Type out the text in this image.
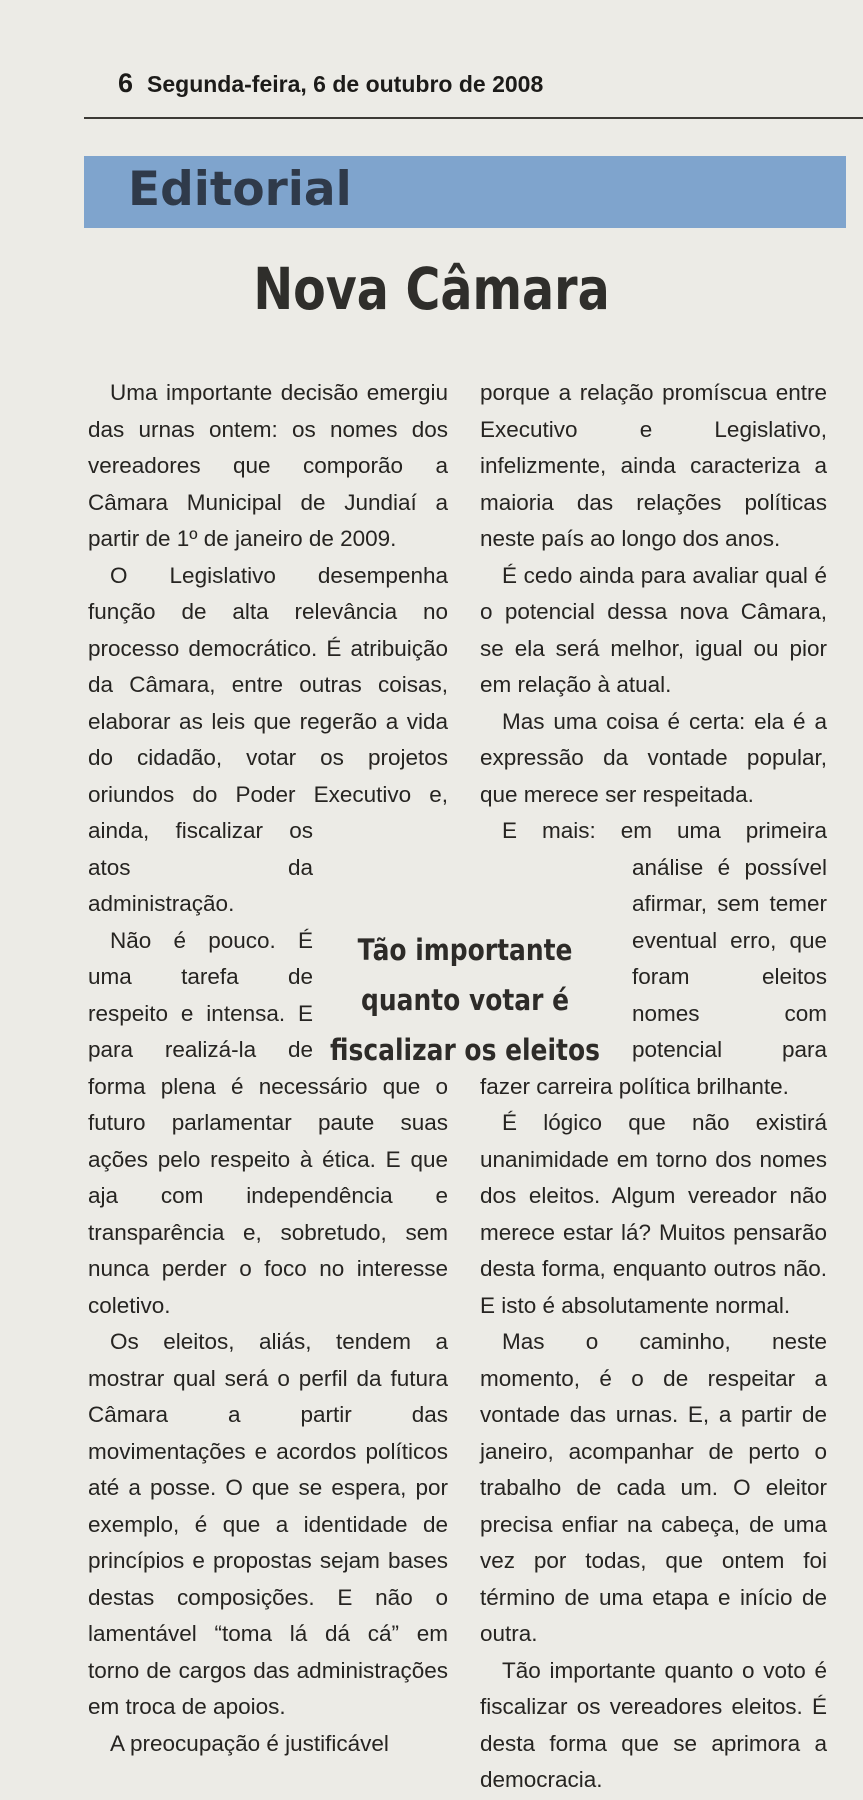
6 Segunda-feira, 6 de outubro de 2008
Editorial
Nova Câmara

Uma importante decisão emergiu das urnas ontem: os nomes dos vereadores que comporão a Câmara Municipal de Jundiaí a partir de 1º de janeiro de 2009.

O Legislativo desempenha função de alta relevância no processo democrático. É atribuição da Câmara, entre outras coisas, elaborar as leis que regerão a vida do cidadão, votar os projetos oriundos do Poder Executivo e, ainda, fiscalizar os atos da administração.

Não é pouco. É uma tarefa de respeito e intensa. E para realizá-la de forma plena é necessário que o futuro parlamentar paute suas ações pelo respeito à ética. E que aja com independência e transparência e, sobretudo, sem nunca perder o foco no interesse coletivo.

Os eleitos, aliás, tendem a mostrar qual será o perfil da futura Câmara a partir das movimentações e acordos políticos até a posse. O que se espera, por exemplo, é que a identidade de princípios e propostas sejam bases destas composições. E não o lamentável “toma lá dá cá” em torno de cargos das administrações em troca de apoios.

A preocupação é justificável

porque a relação promíscua entre Executivo e Legislativo, infelizmente, ainda caracteriza a maioria das relações políticas neste país ao longo dos anos.

É cedo ainda para avaliar qual é o potencial dessa nova Câmara, se ela será melhor, igual ou pior em relação à atual.

Mas uma coisa é certa: ela é a expressão da vontade popular, que merece ser respeitada.

E mais: em uma primeira análise é possível afirmar, sem temer eventual erro, que foram eleitos nomes com potencial para fazer carreira política brilhante.

É lógico que não existirá unanimidade em torno dos nomes dos eleitos. Algum vereador não merece estar lá? Muitos pensarão desta forma, enquanto outros não. E isto é absolutamente normal.

Mas o caminho, neste momento, é o de respeitar a vontade das urnas. E, a partir de janeiro, acompanhar de perto o trabalho de cada um. O eleitor precisa enfiar na cabeça, de uma vez por todas, que ontem foi término de uma etapa e início de outra.

Tão importante quanto o voto é fiscalizar os vereadores eleitos. É desta forma que se aprimora a democracia.

Tão importante
quanto votar é
fiscalizar os eleitos
